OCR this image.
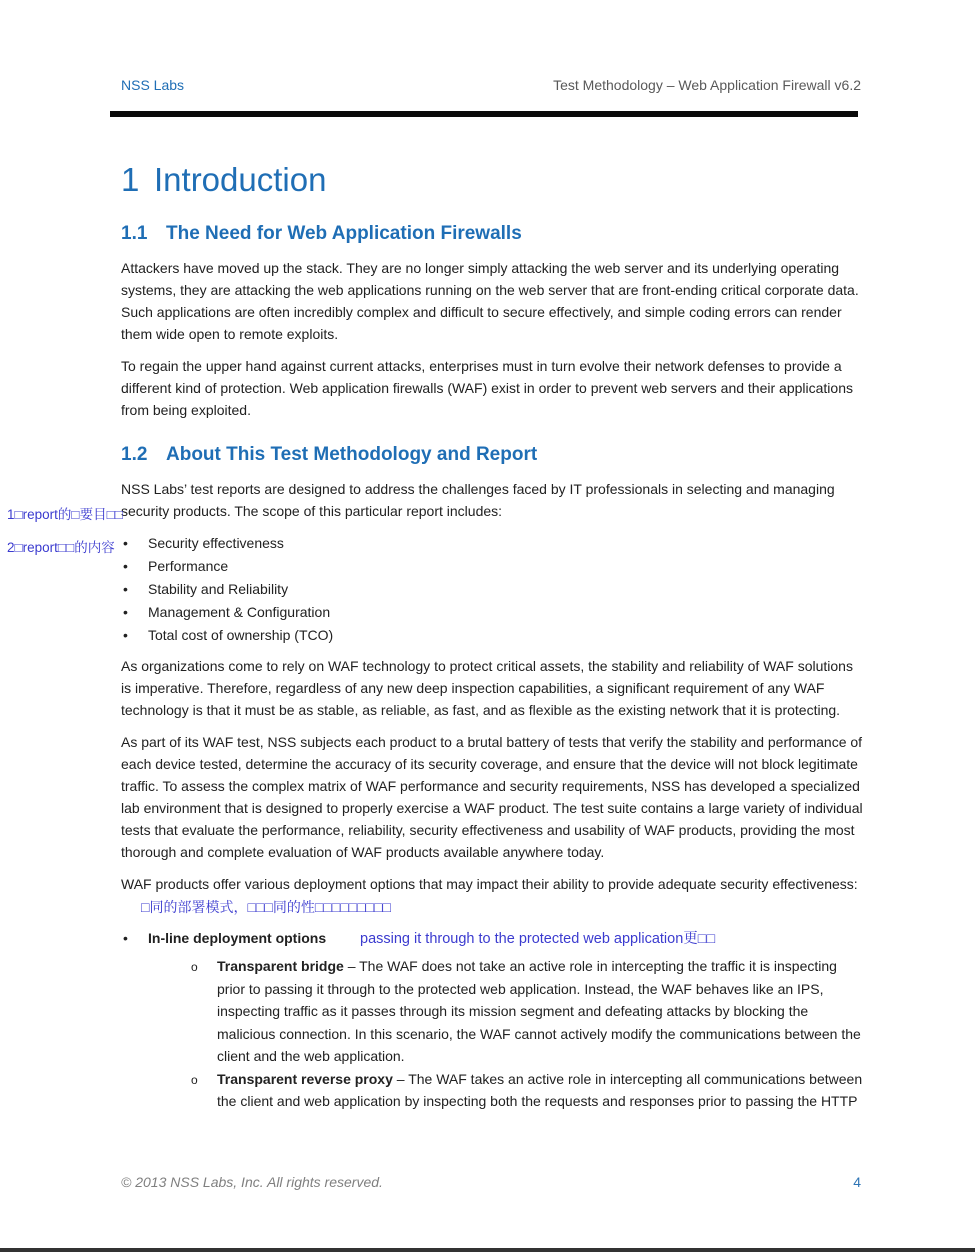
NSS Labs	Test Methodology – Web Application Firewall v6.2
1 Introduction
1.1 The Need for Web Application Firewalls

Attackers have moved up the stack. They are no longer simply attacking the web server and its underlying operating systems, they are attacking the web applications running on the web server that are front-ending critical corporate data. Such applications are often incredibly complex and difficult to secure effectively, and simple coding errors can render them wide open to remote exploits.

To regain the upper hand against current attacks, enterprises must in turn evolve their network defenses to provide a different kind of protection. Web application firewalls (WAF) exist in order to prevent web servers and their applications from being exploited.

1.2 About This Test Methodology and Report

NSS Labs’ test reports are designed to address the challenges faced by IT professionals in selecting and managing security products. The scope of this particular report includes:

• Security effectiveness
• Performance
• Stability and Reliability
• Management & Configuration
• Total cost of ownership (TCO)

As organizations come to rely on WAF technology to protect critical assets, the stability and reliability of WAF solutions is imperative. Therefore, regardless of any new deep inspection capabilities, a significant requirement of any WAF technology is that it must be as stable, as reliable, as fast, and as flexible as the existing network that it is protecting.

As part of its WAF test, NSS subjects each product to a brutal battery of tests that verify the stability and performance of each device tested, determine the accuracy of its security coverage, and ensure that the device will not block legitimate traffic. To assess the complex matrix of WAF performance and security requirements, NSS has developed a specialized lab environment that is designed to properly exercise a WAF product. The test suite contains a large variety of individual tests that evaluate the performance, reliability, security effectiveness and usability of WAF products, providing the most thorough and complete evaluation of WAF products available anywhere today.

WAF products offer various deployment options that may impact their ability to provide adequate security effectiveness: □同的部署模式，□□□同的性□□□□□□□□□

• In-line deployment options passing it through to the protected web application更□□
o Transparent bridge – The WAF does not take an active role in intercepting the traffic it is inspecting prior to passing it through to the protected web application. Instead, the WAF behaves like an IPS, inspecting traffic as it passes through its mission segment and defeating attacks by blocking the malicious connection. In this scenario, the WAF cannot actively modify the communications between the client and the web application.
o Transparent reverse proxy – The WAF takes an active role in intercepting all communications between the client and web application by inspecting both the requests and responses prior to passing the HTTP
1□report的□要目□□
2□report□□的内容
© 2013 NSS Labs, Inc. All rights reserved.	4
